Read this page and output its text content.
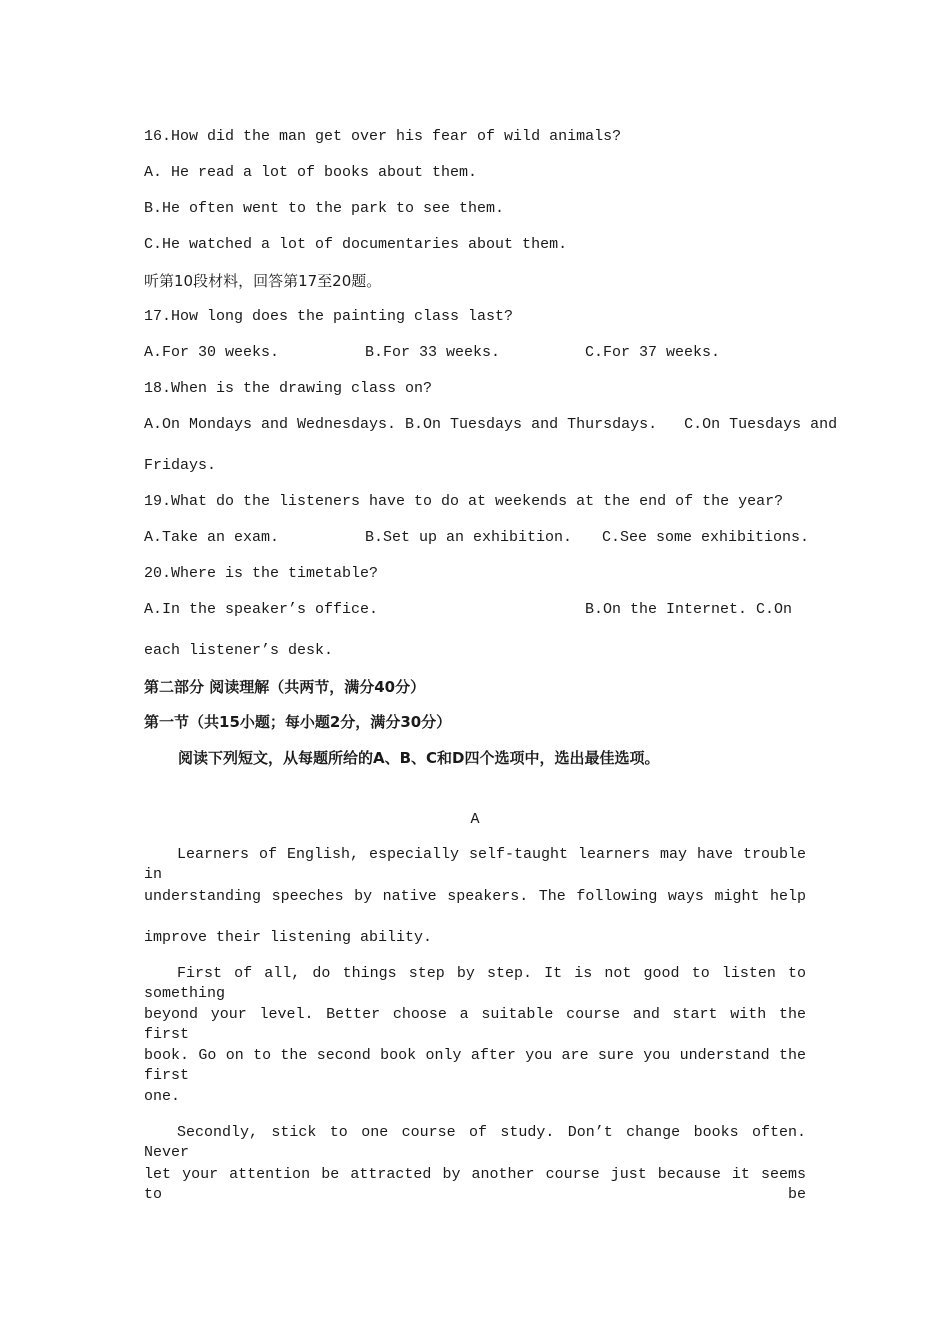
16.How did the man get over his fear of wild animals?
A. He read a lot of books about them.
B.He often went to the park to see them.
C.He watched a lot of documentaries about them.
听第10段材料，回答第17至20题。
17.How long does the painting class last?
A.For 30 weeks.	B.For 33 weeks.	C.For 37 weeks.
18.When is the drawing class on?
A.On Mondays and Wednesdays. B.On Tuesdays and Thursdays.   C.On Tuesdays and
Fridays.
19.What do the listeners have to do at weekends at the end of the year?
A.Take an exam.	B.Set up an exhibition. C.See some exhibitions.
20.Where is the timetable?
A.In the speaker’s office.	B.On the Internet. C.On
each listener’s desk.
第二部分 阅读理解（共两节，满分40分）
第一节（共15小题；每小题2分，满分30分）
阅读下列短文，从每题所给的A、B、C和D四个选项中，选出最佳选项。
A
Learners of English, especially self-taught learners may have trouble in
understanding speeches by native speakers. The following ways might help
improve their listening ability.
First of all, do things step by step. It is not good to listen to something
beyond your level. Better choose a suitable course and start with the first
book. Go on to the second book only after you are sure you understand the first
one.
Secondly, stick to one course of study. Don’t change books often. Never
let your attention be attracted by another course just because it seems to be
